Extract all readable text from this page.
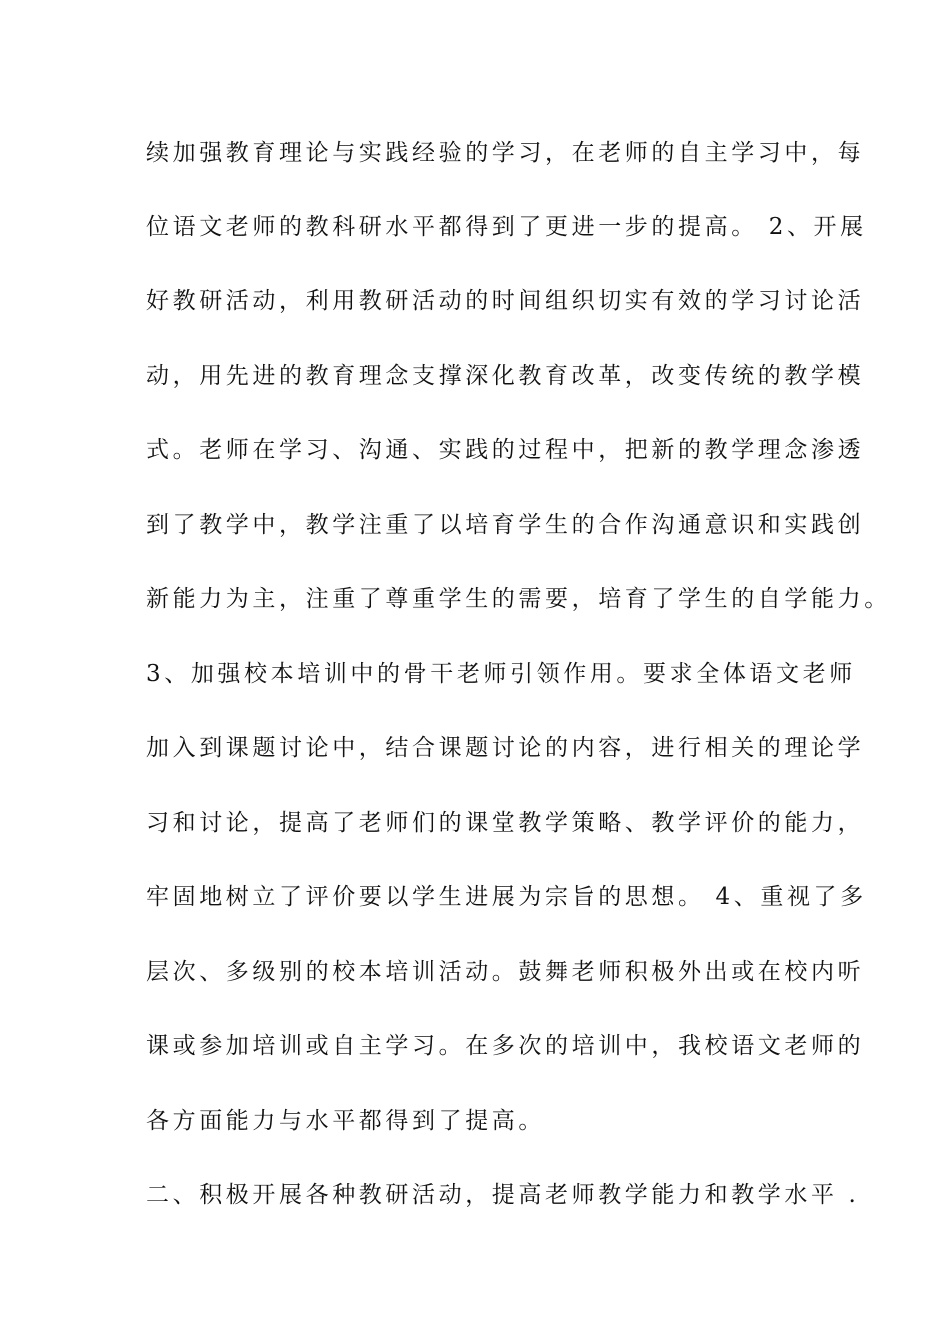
续加强教育理论与实践经验的学习，在老师的自主学习中，每
位语文老师的教科研水平都得到了更进一步的提高。 2、开展
好教研活动，利用教研活动的时间组织切实有效的学习讨论活
动，用先进的教育理念支撑深化教育改革，改变传统的教学模
式。老师在学习、沟通、实践的过程中，把新的教学理念渗透
到了教学中，教学注重了以培育学生的合作沟通意识和实践创
新能力为主，注重了尊重学生的需要，培育了学生的自学能力。
3、加强校本培训中的骨干老师引领作用。要求全体语文老师
加入到课题讨论中，结合课题讨论的内容，进行相关的理论学
习和讨论，提高了老师们的课堂教学策略、教学评价的能力，
牢固地树立了评价要以学生进展为宗旨的思想。 4、重视了多
层次、多级别的校本培训活动。鼓舞老师积极外出或在校内听
课或参加培训或自主学习。在多次的培训中，我校语文老师的
各方面能力与水平都得到了提高。
二、积极开展各种教研活动，提高老师教学能力和教学水平 .
